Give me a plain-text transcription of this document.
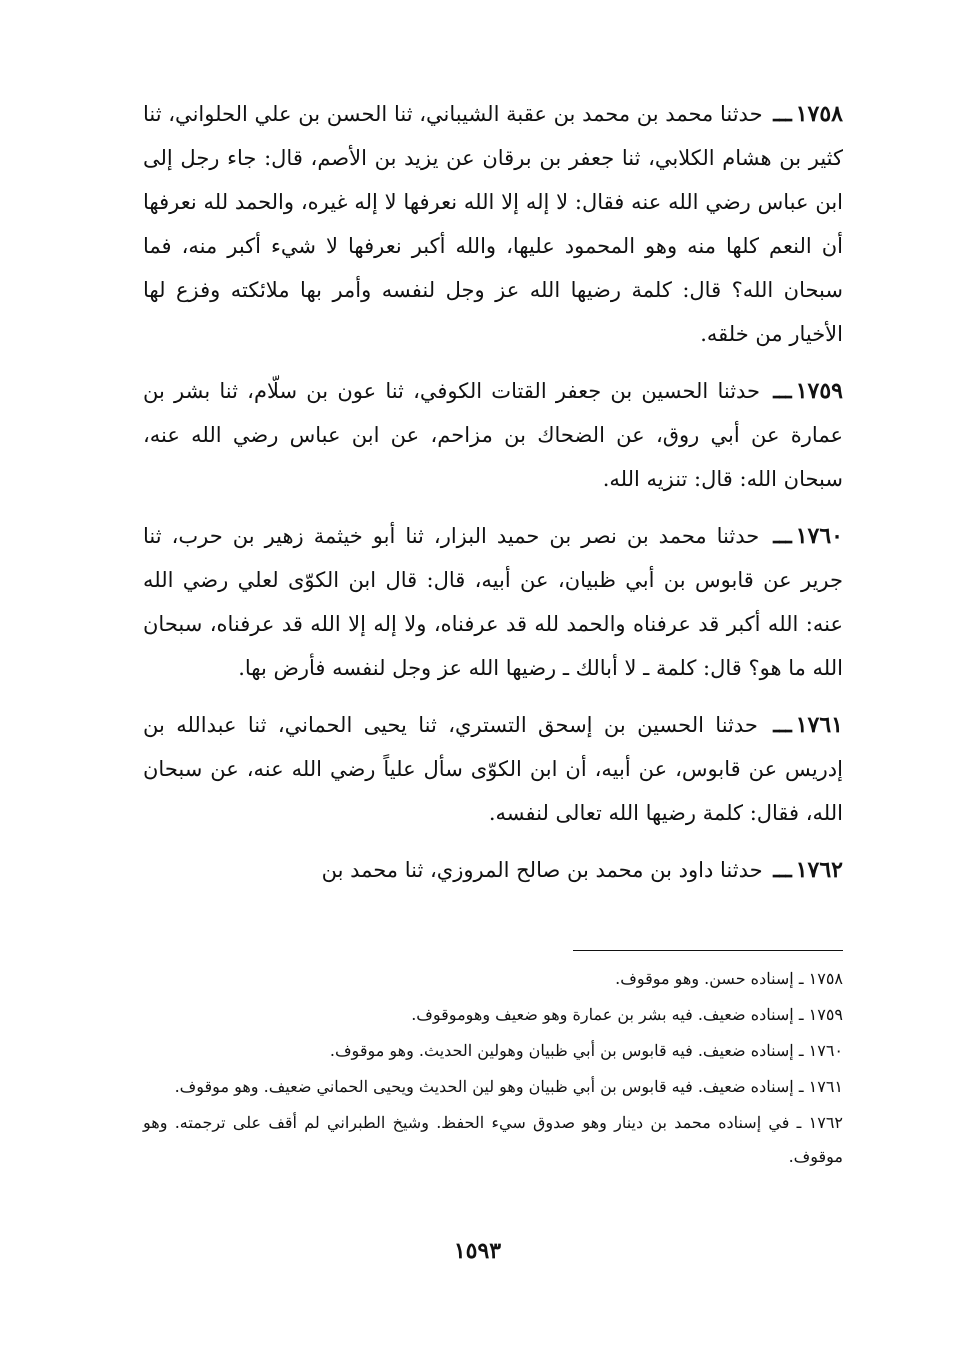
١٧٥٨ـــ حدثنا محمد بن محمد بن عقبة الشيباني، ثنا الحسن بن علي الحلواني، ثنا كثير بن هشام الكلابي، ثنا جعفر بن برقان عن يزيد بن الأصم، قال: جاء رجل إلى ابن عباس رضي الله عنه فقال: لا إله إلا الله نعرفها لا إله غيره، والحمد لله نعرفها أن النعم كلها منه وهو المحمود عليها، والله أكبر نعرفها لا شيء أكبر منه، فما سبحان الله؟ قال: كلمة رضيها الله عز وجل لنفسه وأمر بها ملائكته وفزع لها الأخيار من خلقه.

١٧٥٩ـــ حدثنا الحسين بن جعفر القتات الكوفي، ثنا عون بن سلّام، ثنا بشر بن عمارة عن أبي روق، عن الضحاك بن مزاحم، عن ابن عباس رضي الله عنه، سبحان الله: قال: تنزيه الله.

١٧٦٠ـــ حدثنا محمد بن نصر بن حميد البزار، ثنا أبو خيثمة زهير بن حرب، ثنا جرير عن قابوس بن أبي ظبيان، عن أبيه، قال: قال ابن الكوّى لعلي رضي الله عنه: الله أكبر قد عرفناه والحمد لله قد عرفناه، ولا إله إلا الله قد عرفناه، سبحان الله ما هو؟ قال: كلمة ـ لا أبالك ـ رضيها الله عز وجل لنفسه فأرض بها.

١٧٦١ـــ حدثنا الحسين بن إسحق التستري، ثنا يحيى الحماني، ثنا عبدالله بن إدريس عن قابوس، عن أبيه، أن ابن الكوّى سأل علياً رضي الله عنه، عن سبحان الله، فقال: كلمة رضيها الله تعالى لنفسه.

١٧٦٢ـــ حدثنا داود بن محمد بن صالح المروزي، ثنا محمد بن

١٧٥٨ ـ إسناده حسن. وهو موقوف.

١٧٥٩ ـ إسناده ضعيف. فيه بشر بن عمارة وهو ضعيف وهوموقوف.

١٧٦٠ ـ إسناده ضعيف. فيه قابوس بن أبي ظبيان وهولين الحديث. وهو موقوف.

١٧٦١ ـ إسناده ضعيف. فيه قابوس بن أبي ظبيان وهو لين الحديث ويحيى الحماني ضعيف. وهو موقوف.

١٧٦٢ ـ في إسناده محمد بن دينار وهو صدوق سيء الحفظ. وشيخ الطبراني لم أقف على ترجمته. وهو موقوف.

١٥٩٣
